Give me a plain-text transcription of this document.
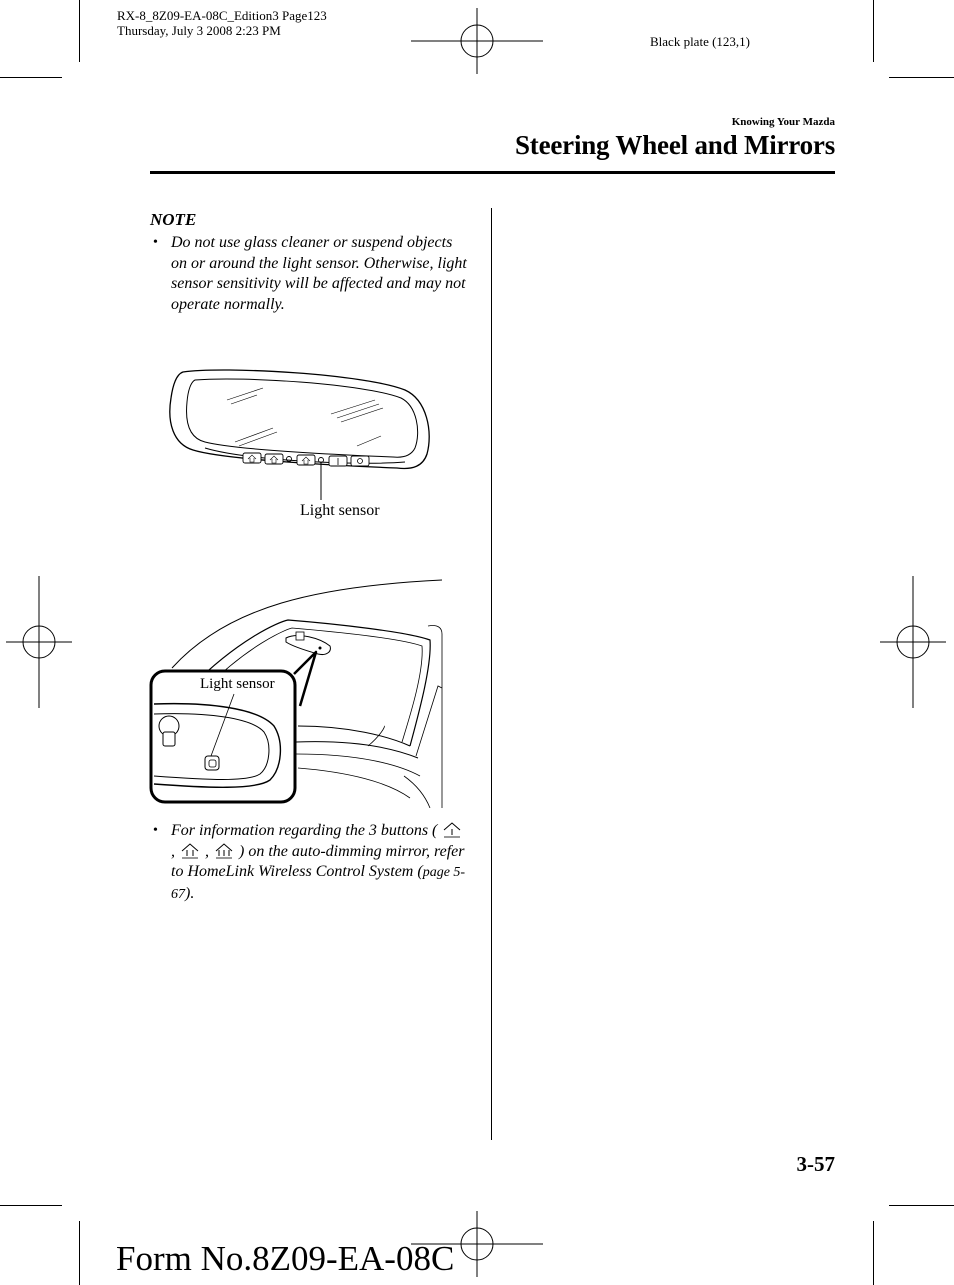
RX-8_8Z09-EA-08C_Edition3 Page123
Thursday, July 3 2008 2:23 PM
Black plate (123,1)
Knowing Your Mazda
Steering Wheel and Mirrors
NOTE
• Do not use glass cleaner or suspend objects on or around the light sensor. Otherwise, light sensor sensitivity will be affected and may not operate normally.
Light sensor
Light sensor
• For information regarding the 3 buttons (  , , ) on the auto-dimming mirror, refer to HomeLink Wireless Control System (page 5-67).
3-57
Form No.8Z09-EA-08C
